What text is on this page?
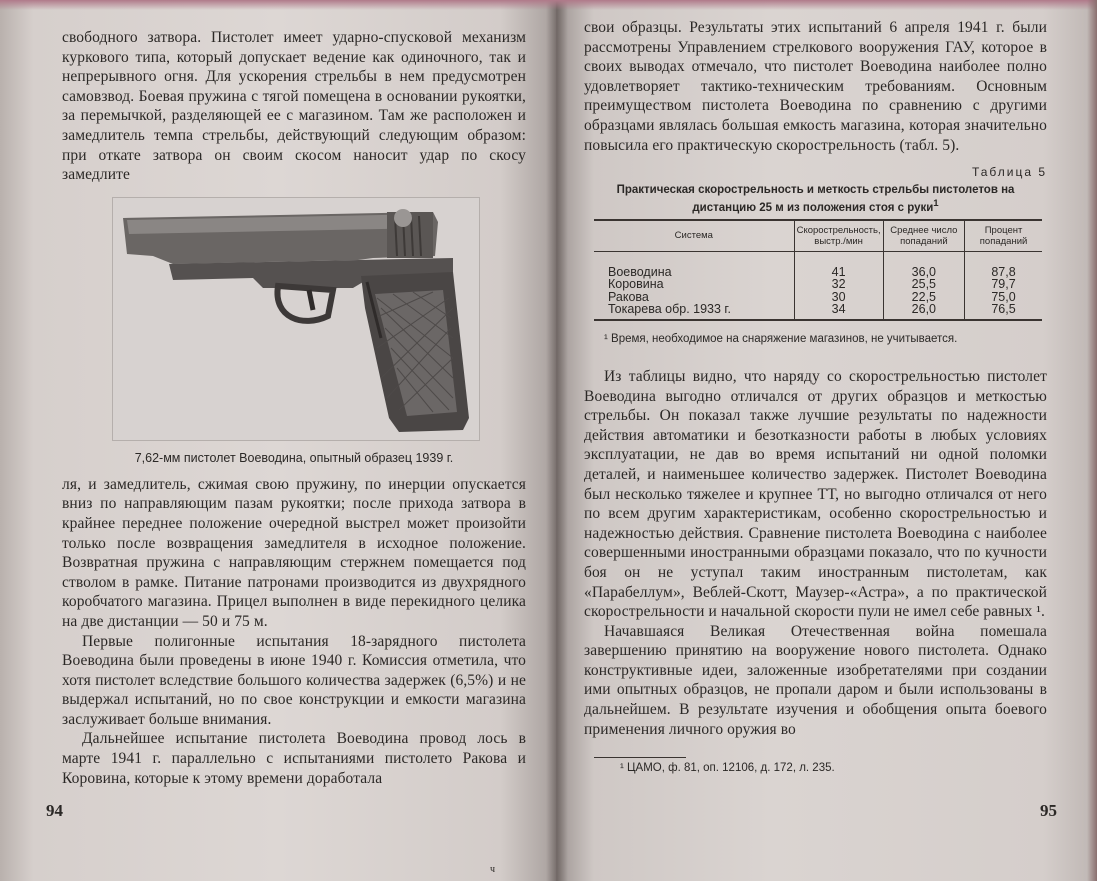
свободного затвора. Пистолет имеет ударно-спусковой механизм куркового типа, который допускает ведение как одиночного, так и непрерывного огня. Для ускорения стрельбы в нем предусмотрен самовзвод. Боевая пружина с тягой помещена в основании рукоятки, за перемычкой, разделяющей ее с магазином. Там же расположен и замедлитель темпа стрельбы, действующий следующим образом: при откате затвора он своим скосом наносит удар по скосу замедлите

7,62-мм пистолет Воеводина, опытный образец 1939 г.

ля, и замедлитель, сжимая свою пружину, по инерции опускается вниз по направляющим пазам рукоятки; после прихода затвора в крайнее переднее положение очередной выстрел может произойти только после возвращения замедлителя в исходное положение. Возвратная пружина с направляющим стержнем помещается под стволом в рамке. Питание патронами производится из двухрядного коробчатого магазина. Прицел выполнен в виде перекидного целика на две дистанции — 50 и 75 м.

Первые полигонные испытания 18-зарядного пистолета Воеводина были проведены в июне 1940 г. Комиссия отметила, что хотя пистолет вследствие большого количества задержек (6,5%) и не выдержал испытаний, но по свое конструкции и емкости магазина заслуживает больше внимания.

Дальнейшее испытание пистолета Воеводина провод лось в марте 1941 г. параллельно с испытаниями пистолето Ракова и Коровина, которые к этому времени доработала

94

свои образцы. Результаты этих испытаний 6 апреля 1941 г. были рассмотрены Управлением стрелкового вооружения ГАУ, которое в своих выводах отмечало, что пистолет Воеводина наиболее полно удовлетворяет тактико-техническим требованиям. Основным преимуществом пистолета Воеводина по сравнению с другими образцами являлась большая емкость магазина, которая значительно повысила его практическую скорострельность (табл. 5).

Таблица 5
Практическая скорострельность и меткость стрельбы пистолетов на дистанцию 25 м из положения стоя с руки$^1$
Система	Скорострельность, выстр./мин	Среднее число попаданий	Процент попаданий

Воеводина	41	36,0	87,8
Коровина	32	25,5	79,7
Ракова	30	22,5	75,0
Токарева обр. 1933 г.	34	26,0	76,5
¹ Время, необходимое на снаряжение магазинов, не учитывается.

Из таблицы видно, что наряду со скорострельностью пистолет Воеводина выгодно отличался от других образцов и меткостью стрельбы. Он показал также лучшие результаты по надежности действия автоматики и безотказности работы в любых условиях эксплуатации, не дав во время испытаний ни одной поломки деталей, и наименьшее количество задержек. Пистолет Воеводина был несколько тяжелее и крупнее ТТ, но выгодно отличался от него по всем другим характеристикам, особенно скорострельностью и надежностью действия. Сравнение пистолета Воеводина с наиболее совершенными иностранными образцами показало, что по кучности боя он не уступал таким иностранным пистолетам, как «Парабеллум», Веблей-Скотт, Маузер-«Астра», а по практической скорострельности и начальной скорости пули не имел себе равных ¹.

Начавшаяся Великая Отечественная война помешала завершению принятию на вооружение нового пистолета. Однако конструктивные идеи, заложенные изобретателями при создании ими опытных образцов, не пропали даром и были использованы в дальнейшем. В результате изучения и обобщения опыта боевого применения личного оружия во

¹ ЦАМО, ф. 81, оп. 12106, д. 172, л. 235.
95
ч
